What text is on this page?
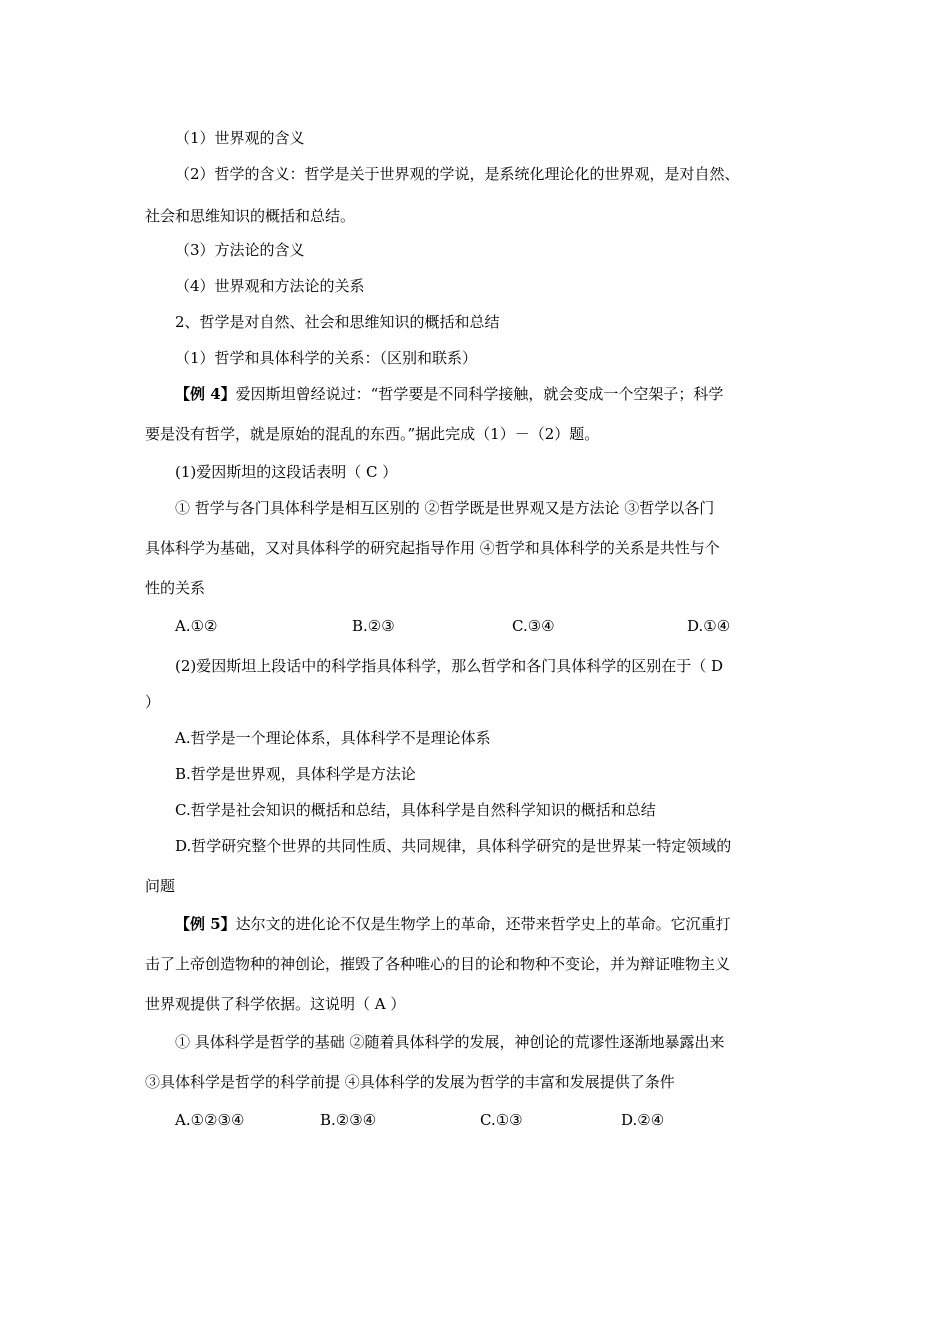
（1）世界观的含义
（2）哲学的含义：哲学是关于世界观的学说，是系统化理论化的世界观，是对自然、
社会和思维知识的概括和总结。
（3）方法论的含义
（4）世界观和方法论的关系
2、哲学是对自然、社会和思维知识的概括和总结
（1）哲学和具体科学的关系：（区别和联系）
【例 4】爱因斯坦曾经说过：“哲学要是不同科学接触，就会变成一个空架子；科学
要是没有哲学，就是原始的混乱的东西。”据此完成（1）－（2）题。
(1)爱因斯坦的这段话表明（ C ）
① 哲学与各门具体科学是相互区别的 ②哲学既是世界观又是方法论 ③哲学以各门
具体科学为基础，又对具体科学的研究起指导作用 ④哲学和具体科学的关系是共性与个
性的关系
A.①②	B.②③	C.③④	D.①④
(2)爱因斯坦上段话中的科学指具体科学，那么哲学和各门具体科学的区别在于（ D
）
A.哲学是一个理论体系，具体科学不是理论体系
B.哲学是世界观，具体科学是方法论
C.哲学是社会知识的概括和总结，具体科学是自然科学知识的概括和总结
D.哲学研究整个世界的共同性质、共同规律，具体科学研究的是世界某一特定领域的
问题
【例 5】达尔文的进化论不仅是生物学上的革命，还带来哲学史上的革命。它沉重打
击了上帝创造物种的神创论，摧毁了各种唯心的目的论和物种不变论，并为辩证唯物主义
世界观提供了科学依据。这说明（ A ）
① 具体科学是哲学的基础 ②随着具体科学的发展，神创论的荒谬性逐渐地暴露出来
③具体科学是哲学的科学前提 ④具体科学的发展为哲学的丰富和发展提供了条件
A.①②③④	B.②③④	C.①③	D.②④
